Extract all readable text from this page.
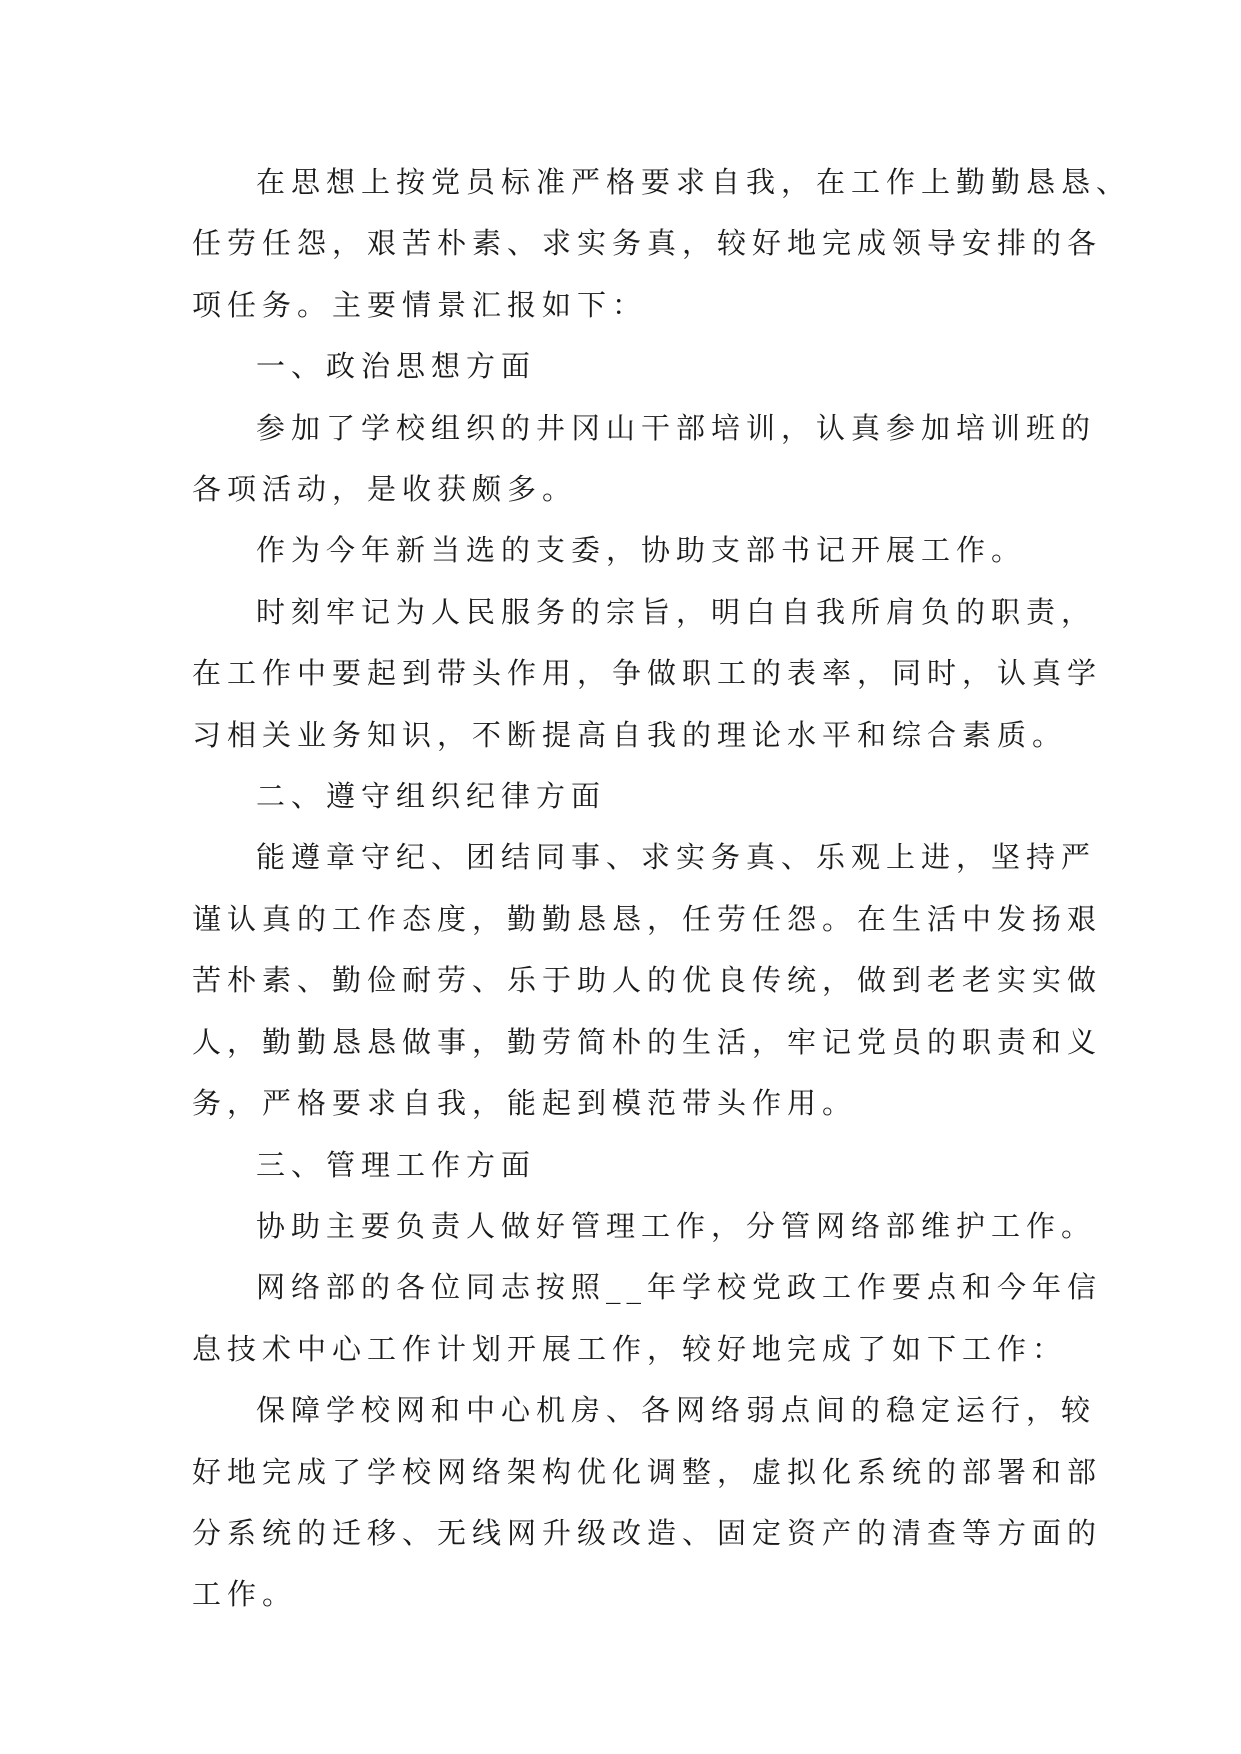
在思想上按党员标准严格要求自我，在工作上勤勤恳恳、
任劳任怨，艰苦朴素、求实务真，较好地完成领导安排的各
项任务。主要情景汇报如下：

一、政治思想方面

参加了学校组织的井冈山干部培训，认真参加培训班的
各项活动，是收获颇多。

作为今年新当选的支委，协助支部书记开展工作。

时刻牢记为人民服务的宗旨，明白自我所肩负的职责，
在工作中要起到带头作用，争做职工的表率，同时，认真学
习相关业务知识，不断提高自我的理论水平和综合素质。

二、遵守组织纪律方面

能遵章守纪、团结同事、求实务真、乐观上进，坚持严
谨认真的工作态度，勤勤恳恳，任劳任怨。在生活中发扬艰
苦朴素、勤俭耐劳、乐于助人的优良传统，做到老老实实做
人，勤勤恳恳做事，勤劳简朴的生活，牢记党员的职责和义
务，严格要求自我，能起到模范带头作用。

三、管理工作方面

协助主要负责人做好管理工作，分管网络部维护工作。

网络部的各位同志按照__年学校党政工作要点和今年信
息技术中心工作计划开展工作，较好地完成了如下工作：

保障学校网和中心机房、各网络弱点间的稳定运行，较
好地完成了学校网络架构优化调整，虚拟化系统的部署和部
分系统的迁移、无线网升级改造、固定资产的清查等方面的
工作。
